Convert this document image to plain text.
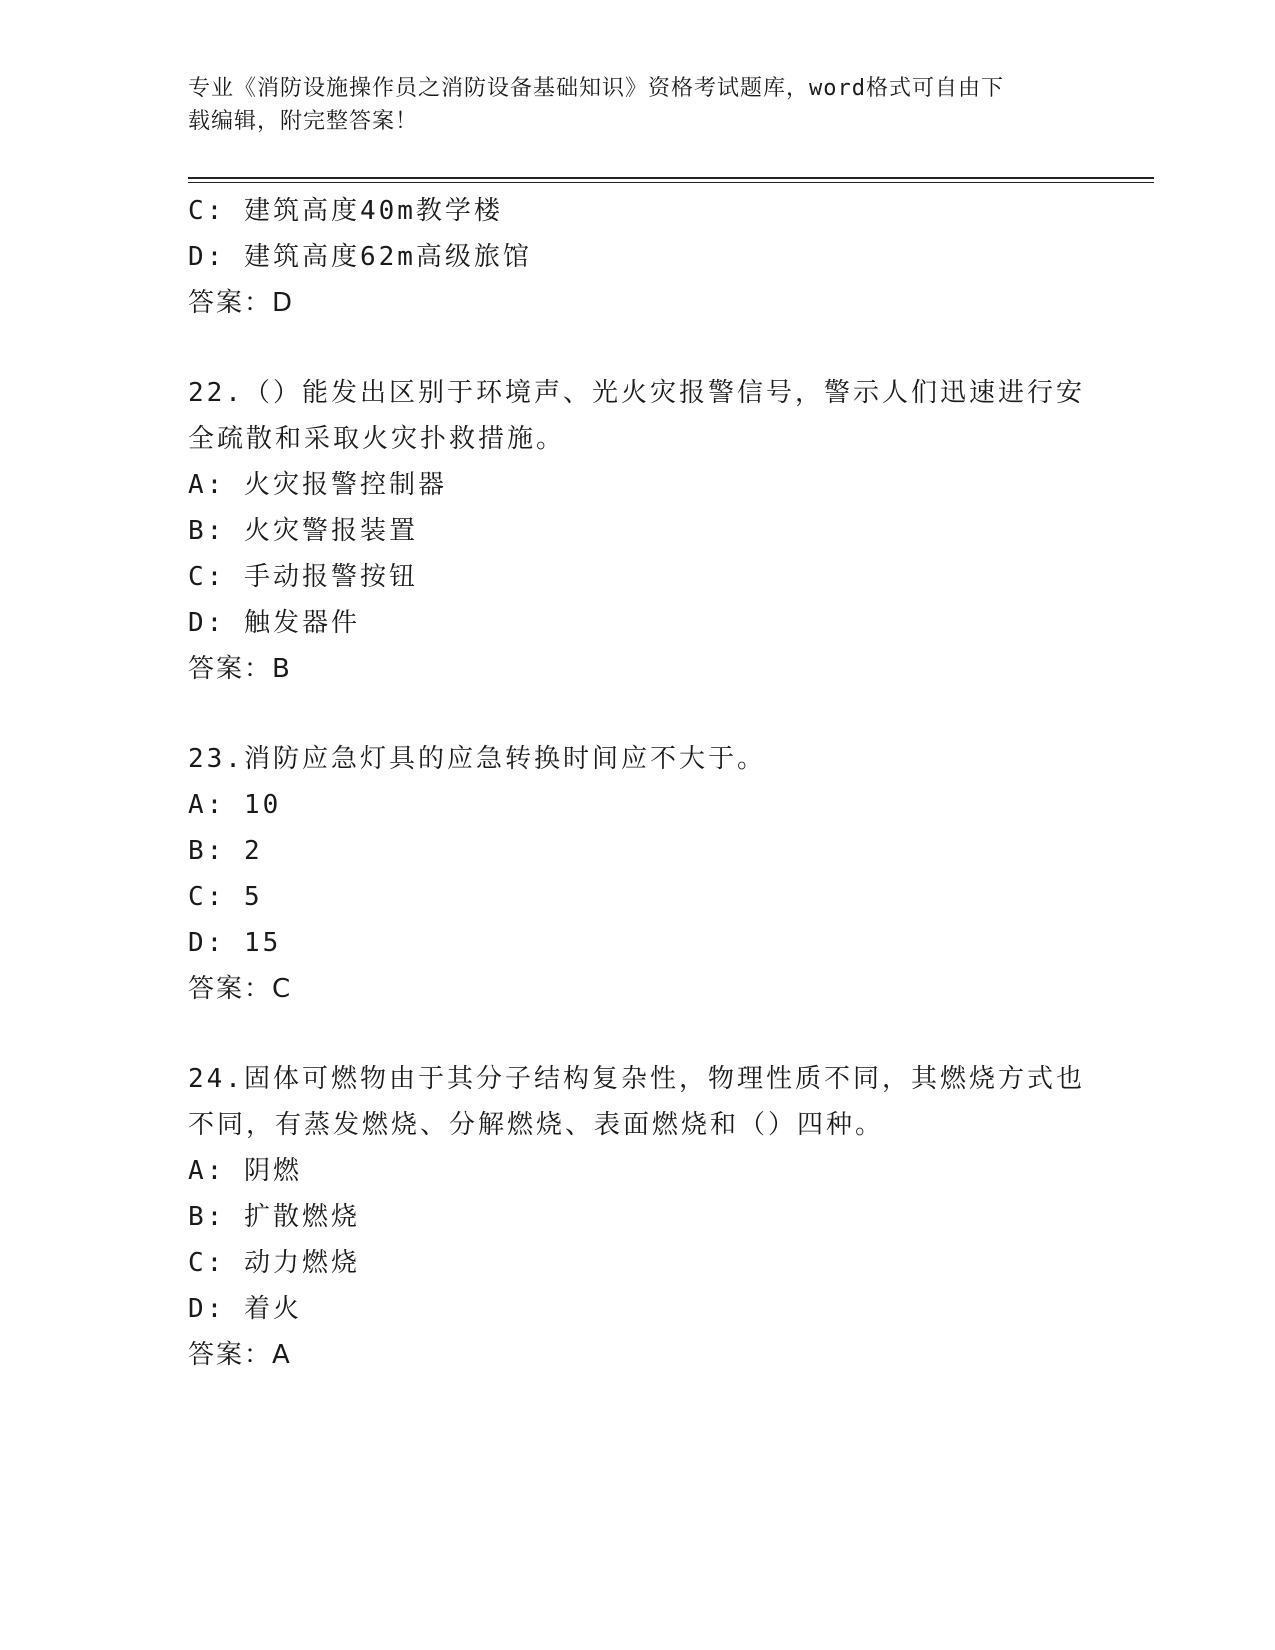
专业《消防设施操作员之消防设备基础知识》资格考试题库，word格式可自由下
载编辑，附完整答案！
C: 建筑高度40m教学楼
D: 建筑高度62m高级旅馆
答案：D
22.（）能发出区别于环境声、光火灾报警信号，警示人们迅速进行安
全疏散和采取火灾扑救措施。
A: 火灾报警控制器
B: 火灾警报装置
C: 手动报警按钮
D: 触发器件
答案：B
23.消防应急灯具的应急转换时间应不大于。
A: 10
B: 2
C: 5
D: 15
答案：C
24.固体可燃物由于其分子结构复杂性，物理性质不同，其燃烧方式也
不同，有蒸发燃烧、分解燃烧、表面燃烧和（）四种。
A: 阴燃
B: 扩散燃烧
C: 动力燃烧
D: 着火
答案：A
